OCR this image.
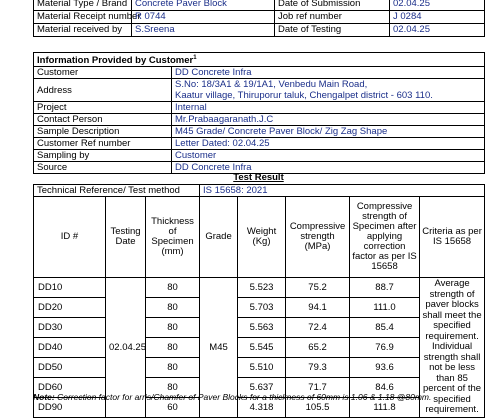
Material Type / Brand	Concrete Paver Block	Date of Submission	02.04.25
Material Receipt number	R 0744	Job ref number	J 0284
Material received by	S.Sreena	Date of Testing	02.04.25
Information Provided by Customer$^1$
Customer	DD Concrete Infra
Address	S.No: 18/3A1 & 19/1A1, Venbedu Main Road,
Kaatur village, Thiruporur taluk, Chengalpet district - 603 110.

Project	Internal
Contact Person	Mr.Prabaagaranath.J.C
Sample Description	M45 Grade/ Concrete Paver Block/ Zig Zag Shape
Customer Ref number	Letter Dated: 02.04.25
Sampling by	Customer
Source	DD Concrete Infra
Test Result
Technical Reference/ Test method			IS 15658: 2021				
ID #	Testing Date	Thickness of Specimen (mm)	Grade	Weight (Kg)	Compressive strength (MPa)	Compressive strength of Specimen after applying correction factor as per IS 15658	Criteria as per IS 15658
DD10	02.04.25	80	M45	5.523	75.2	88.7	Average strength of paver blocks shall meet the specified requirement. Individual strength shall not be less than 85 percent of the specified requirement.
DD20		80		5.703	94.1	111.0	
DD30		80		5.563	72.4	85.4	
DD40		80		5.545	65.2	76.9	
DD50		80		5.510	79.3	93.6	
DD60		80		5.637	71.7	84.6	
DD90		60		4.318	105.5	111.8	
Note: Correction factor for arris/Chamfer of Paver Blocks for a thickness of 60mm is 1.06 & 1.18 @80mm.
